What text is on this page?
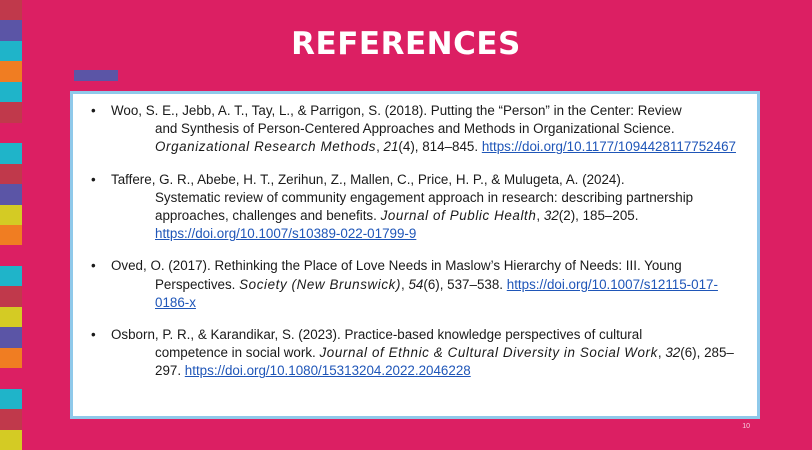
REFERENCES
• Woo, S. E., Jebb, A. T., Tay, L., & Parrigon, S. (2018). Putting the “Person” in the Center: Review
and Synthesis of Person-Centered Approaches and Methods in Organizational Science. Organizational Research Methods, 21(4), 814–845. https://doi.org/10.1177/1094428117752467
• Taffere, G. R., Abebe, H. T., Zerihun, Z., Mallen, C., Price, H. P., & Mulugeta, A. (2024).
Systematic review of community engagement approach in research: describing partnership approaches, challenges and benefits. Journal of Public Health, 32(2), 185–205. https://doi.org/10.1007/s10389-022-01799-9
• Oved, O. (2017). Rethinking the Place of Love Needs in Maslow’s Hierarchy of Needs: III. Young
Perspectives. Society (New Brunswick), 54(6), 537–538. https://doi.org/10.1007/s12115-017-0186-x
• Osborn, P. R., & Karandikar, S. (2023). Practice-based knowledge perspectives of cultural
competence in social work. Journal of Ethnic & Cultural Diversity in Social Work, 32(6), 285–297. https://doi.org/10.1080/15313204.2022.2046228
10
